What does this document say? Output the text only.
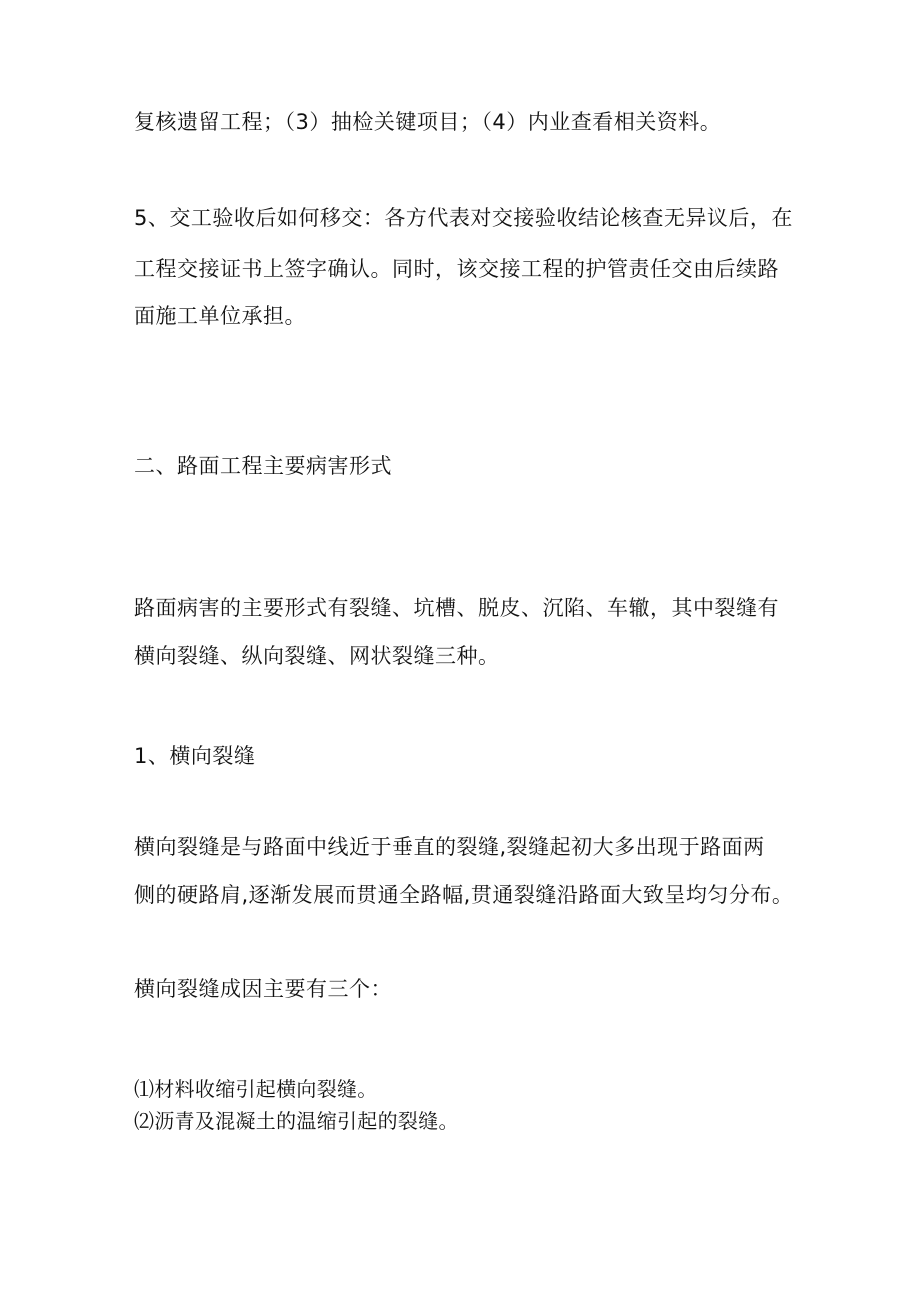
复核遗留工程；（3）抽检关键项目；（4）内业查看相关资料。
5、交工验收后如何移交：各方代表对交接验收结论核查无异议后，在
工程交接证书上签字确认。同时，该交接工程的护管责任交由后续路
面施工单位承担。
二、路面工程主要病害形式
路面病害的主要形式有裂缝、坑槽、脱皮、沉陷、车辙，其中裂缝有
横向裂缝、纵向裂缝、网状裂缝三种。
1、横向裂缝
横向裂缝是与路面中线近于垂直的裂缝,裂缝起初大多出现于路面两
侧的硬路肩,逐渐发展而贯通全路幅,贯通裂缝沿路面大致呈均匀分布。
横向裂缝成因主要有三个：
⑴材料收缩引起横向裂缝。
⑵沥青及混凝土的温缩引起的裂缝。
